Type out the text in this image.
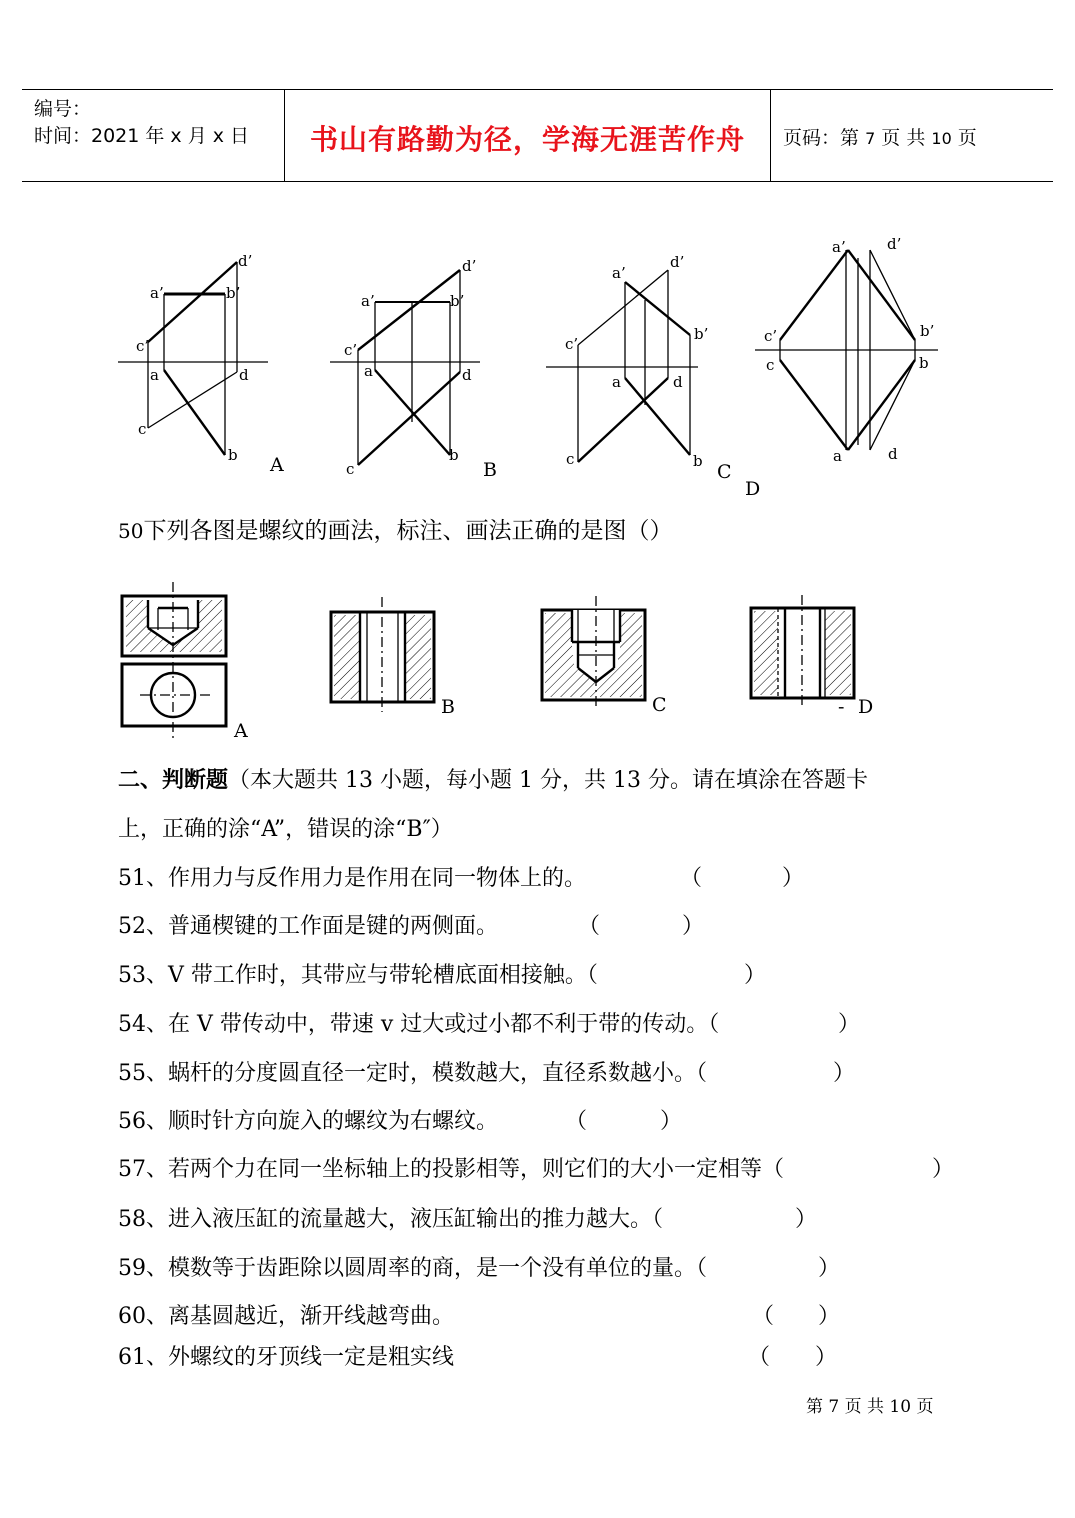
编号：
时间：2021 年 x 月 x 日	书山有路勤为径，学海无涯苦作舟	页码：第 7 页 共 10 页
c’
a’	b’
d’
a	d
c
b A
c’
a’	b’
d’
a	d
c
b
B
c’
a’
b’
d’
a	d
c	b C
c’
a’
b’
d’
c	b
a	d
D
50下列各图是螺纹的画法，标注、画法正确的是图（）
A
B	C	- D
二、判断题（本大题共 13 小题，每小题 1 分，共 13 分。请在填涂在答题卡
上，正确的涂“A”，错误的涂“B″）
51、作用力与反作用力是作用在同一物体上的。	（	）
52、普通楔键的工作面是键的两侧面。	（	）
53、V 带工作时，其带应与带轮槽底面相接触。（	）
54、在 V 带传动中，带速 v 过大或过小都不利于带的传动。（	）
55、蜗杆的分度圆直径一定时，模数越大，直径系数越小。（	）
56、顺时针方向旋入的螺纹为右螺纹。	（	）
57、若两个力在同一坐标轴上的投影相等，则它们的大小一定相等（	）
58、进入液压缸的流量越大，液压缸输出的推力越大。（	）
59、模数等于齿距除以圆周率的商，是一个没有单位的量。（	）
60、离基圆越近，渐开线越弯曲。	（ ）
61、外螺纹的牙顶线一定是粗实线	（ ）
第 7 页 共 10 页
